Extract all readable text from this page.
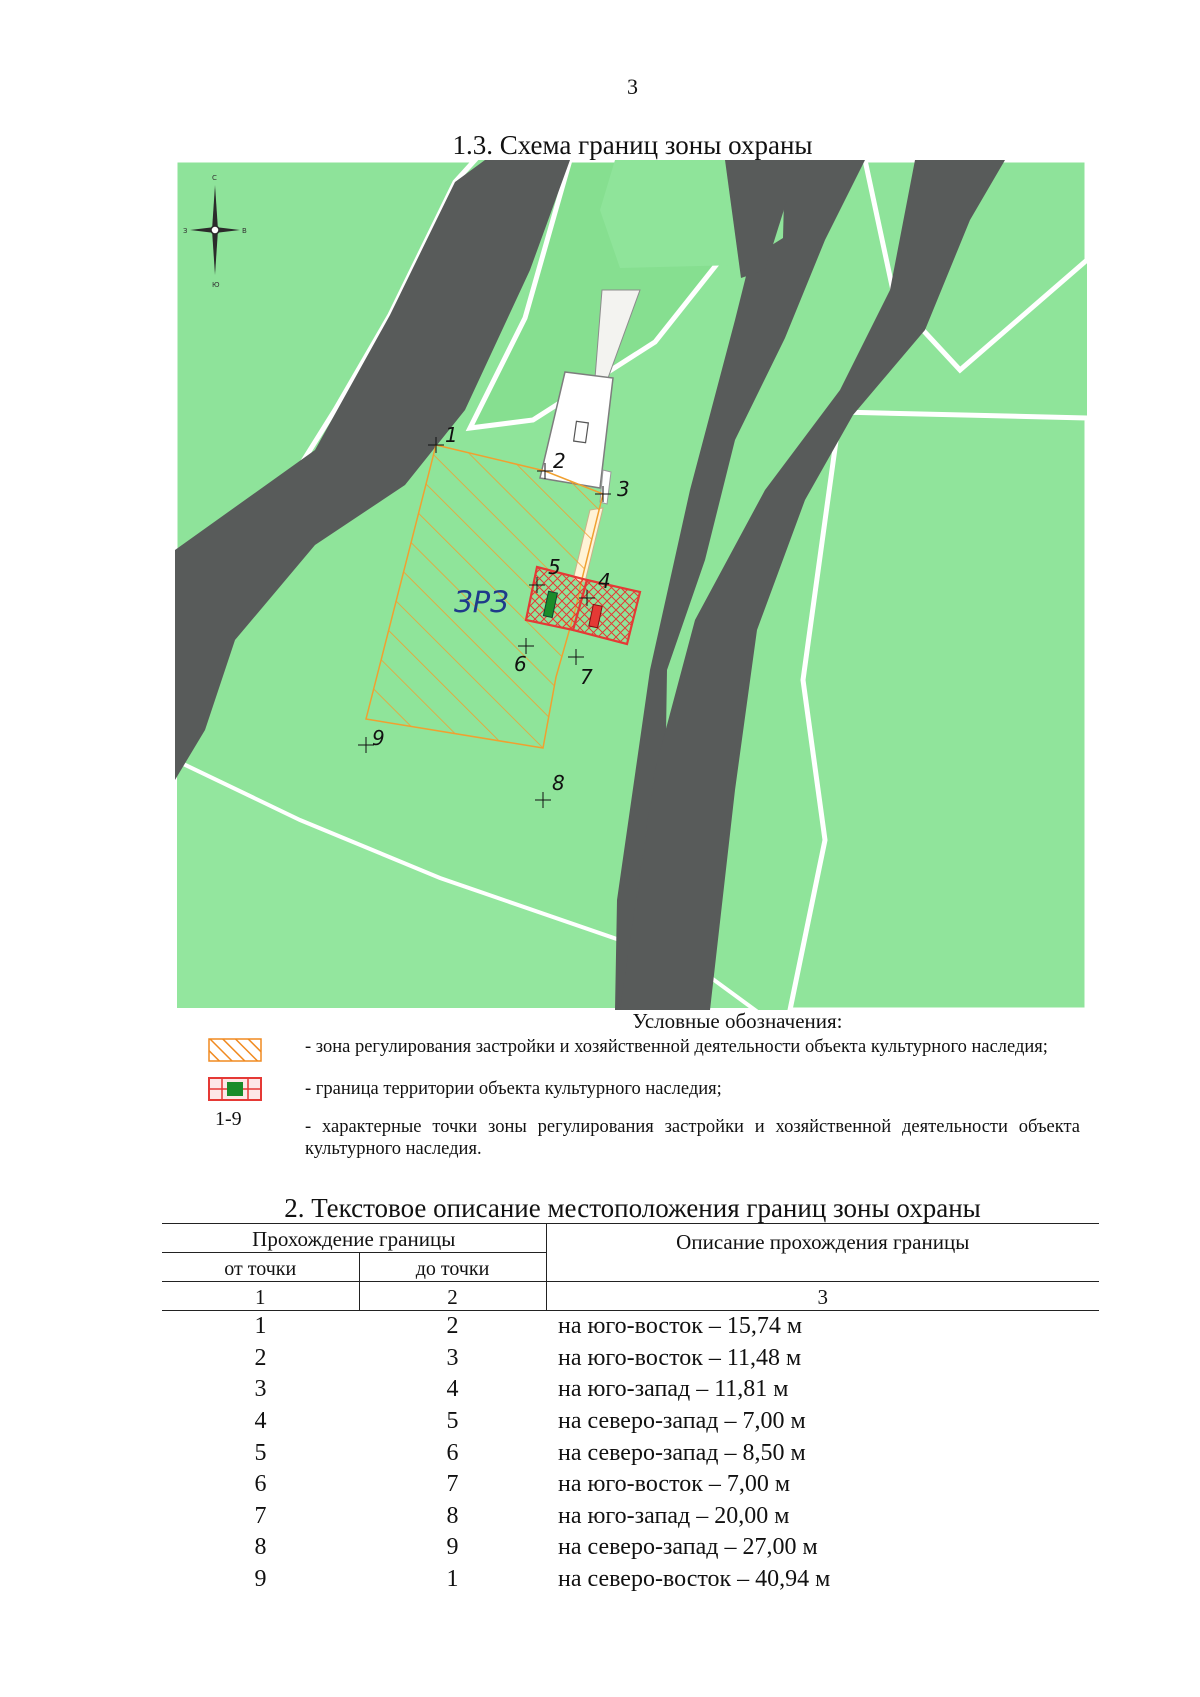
3
1.3. Схема границ зоны охраны
1
2
3
4
5
6
7
8
9
ЗРЗ
С
Ю
З	В
Условные обозначения:
- зона регулирования застройки и хозяйственной деятельности объекта культурного наследия;
- граница территории объекта культурного наследия;
1-9	- характерные точки зоны регулирования застройки и хозяйственной деятельности объекта культурного наследия.
2. Текстовое описание местоположения границ зоны охраны
Прохождение границы		Описание прохождения границы
от точки	до точки	
1	2	3
1	2	на юго-восток – 15,74 м
2	3	на юго-восток – 11,48 м
3	4	на юго-запад – 11,81 м
4	5	на северо-запад – 7,00 м
5	6	на северо-запад – 8,50 м
6	7	на юго-восток – 7,00 м
7	8	на юго-запад – 20,00 м
8	9	на северо-запад – 27,00 м
9	1	на северо-восток – 40,94 м
